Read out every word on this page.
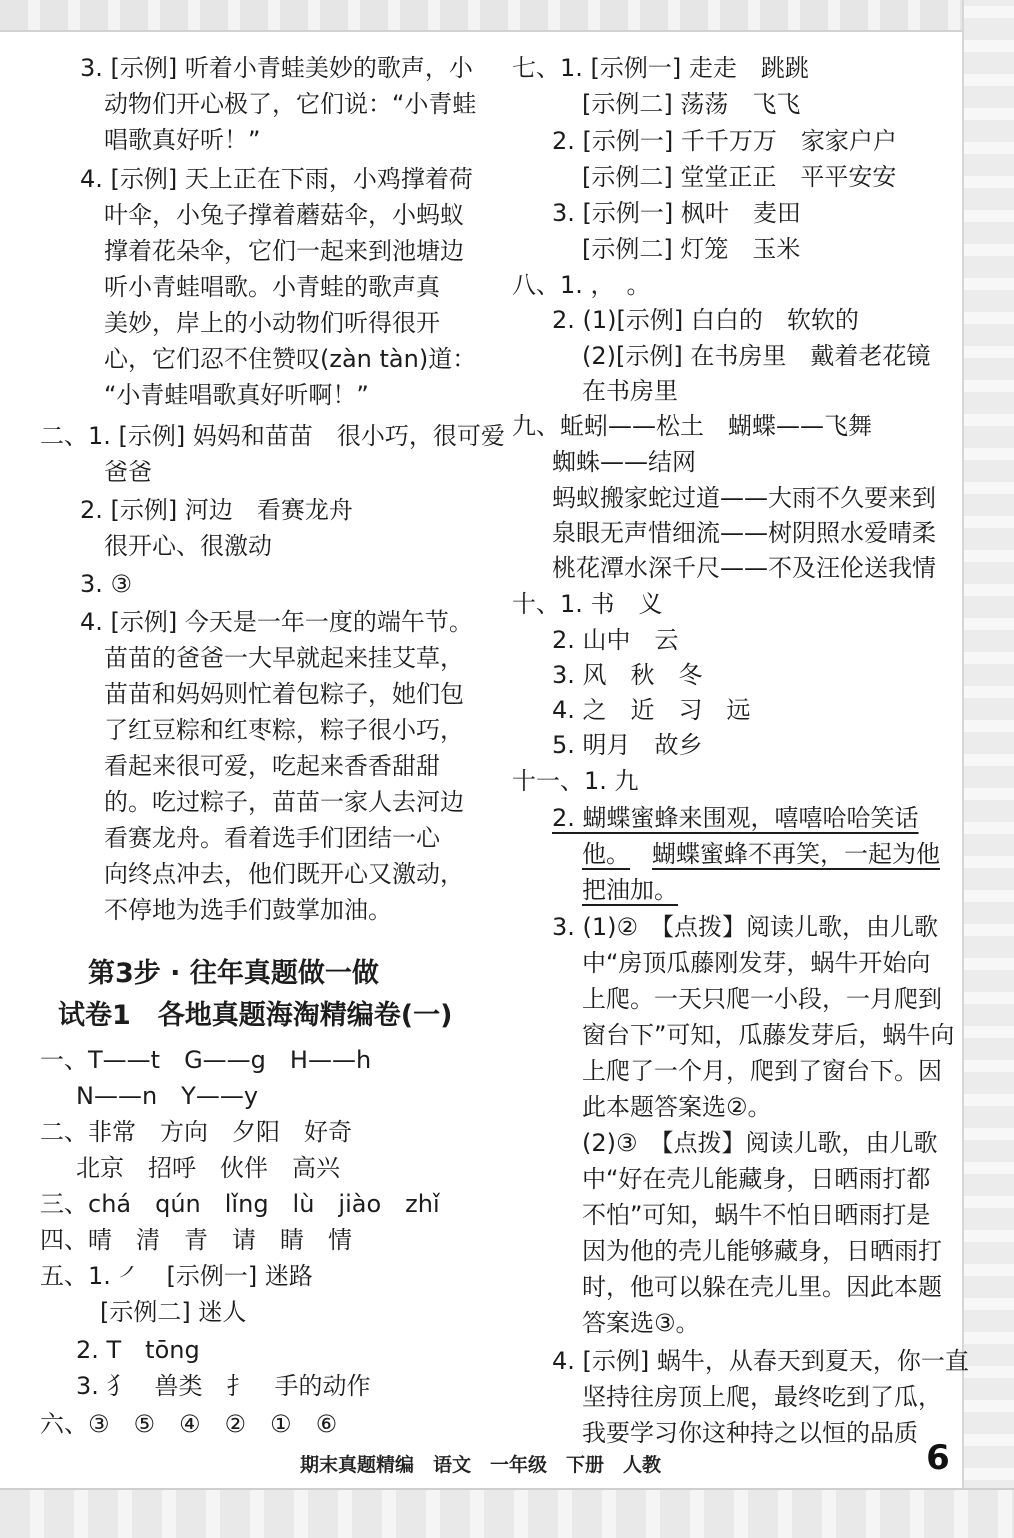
3. [示例] 听着小青蛙美妙的歌声，小
动物们开心极了，它们说：“小青蛙
唱歌真好听！”
4. [示例] 天上正在下雨，小鸡撑着荷
叶伞，小兔子撑着蘑菇伞，小蚂蚁
撑着花朵伞，它们一起来到池塘边
听小青蛙唱歌。小青蛙的歌声真
美妙，岸上的小动物们听得很开
心，它们忍不住赞叹(zàn tàn)道：
“小青蛙唱歌真好听啊！”
二、1. [示例] 妈妈和苗苗　很小巧，很可爱
爸爸
2. [示例] 河边　看赛龙舟
很开心、很激动
3. ③
4. [示例] 今天是一年一度的端午节。
苗苗的爸爸一大早就起来挂艾草，
苗苗和妈妈则忙着包粽子，她们包
了红豆粽和红枣粽，粽子很小巧，
看起来很可爱，吃起来香香甜甜
的。吃过粽子，苗苗一家人去河边
看赛龙舟。看着选手们团结一心
向终点冲去，他们既开心又激动，
不停地为选手们鼓掌加油。
第3步 · 往年真题做一做
试卷1　各地真题海淘精编卷(一)
一、T——t　G——g　H——h
N——n　Y——y
二、非常　方向　夕阳　好奇
北京　招呼　伙伴　高兴
三、chá　qún　lǐng　lù　jiào　zhǐ
四、晴　清　青　请　睛　情
五、1. ㇒　[示例一] 迷路
[示例二] 迷人
2. T　tōng
3. 犭　兽类　扌　手的动作
六、③　⑤　④　②　①　⑥
七、1. [示例一] 走走　跳跳
[示例二] 荡荡　飞飞
2. [示例一] 千千万万　家家户户
[示例二] 堂堂正正　平平安安
3. [示例一] 枫叶　麦田
[示例二] 灯笼　玉米
八、1. ，　。
2. (1)[示例] 白白的　软软的
(2)[示例] 在书房里　戴着老花镜
在书房里
九、蚯蚓——松土　蝴蝶——飞舞
蜘蛛——结网
蚂蚁搬家蛇过道——大雨不久要来到
泉眼无声惜细流——树阴照水爱晴柔
桃花潭水深千尺——不及汪伦送我情
十、1. 书　义
2. 山中　云
3. 风　秋　冬
4. 之　近　习　远
5. 明月　故乡
十一、1. 九
2. 蝴蝶蜜蜂来围观，嘻嘻哈哈笑话
他。 蝴蝶蜜蜂不再笑，一起为他
把油加。
3. (1)②　【点拨】阅读儿歌，由儿歌
中“房顶瓜藤刚发芽，蜗牛开始向
上爬。一天只爬一小段，一月爬到
窗台下”可知，瓜藤发芽后，蜗牛向
上爬了一个月，爬到了窗台下。因
此本题答案选②。
(2)③　【点拨】阅读儿歌，由儿歌
中“好在壳儿能藏身，日晒雨打都
不怕”可知，蜗牛不怕日晒雨打是
因为他的壳儿能够藏身，日晒雨打
时，他可以躲在壳儿里。因此本题
答案选③。
4. [示例] 蜗牛，从春天到夏天，你一直
坚持往房顶上爬，最终吃到了瓜，
我要学习你这种持之以恒的品质
期末真题精编　语文　一年级　下册　人教	6
